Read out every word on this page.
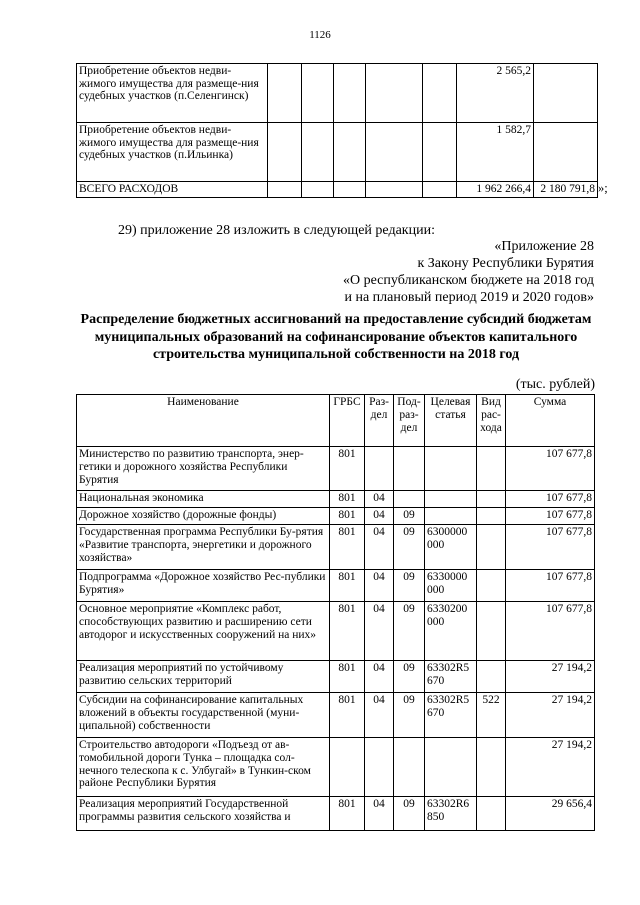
1126
Приобретение объектов недви-жимого имущества для размеще-ния судебных участков (п.Селенгинск)						2 565,2	
Приобретение объектов недви-жимого имущества для размеще-ния судебных участков (п.Ильинка)						1 582,7	
ВСЕГО РАСХОДОВ						1 962 266,4	2 180 791,8 »;
29) приложение 28 изложить в следующей редакции:
«Приложение 28
к Закону Республики Бурятия
«О республиканском бюджете на 2018 год
и на плановый период 2019 и 2020 годов»
Распределение бюджетных ассигнований на предоставление субсидий бюджетам муниципальных образований на софинансирование объектов капитального строительства муниципальной собственности на 2018 год
(тыс. рублей)
Наименование	ГРБС	Раз-дел	Под-раз-дел	Целевая статья	Вид рас-хода	Сумма
Министерство по развитию транспорта, энер-гетики и дорожного хозяйства Республики Бурятия	801					107 677,8
Национальная экономика	801	04				107 677,8
Дорожное хозяйство (дорожные фонды)	801	04	09			107 677,8
Государственная программа Республики Бу-рятия «Развитие транспорта, энергетики и дорожного хозяйства»	801	04	09	6300000 000		107 677,8
Подпрограмма «Дорожное хозяйство Рес-публики Бурятия»	801	04	09	6330000 000		107 677,8
Основное мероприятие «Комплекс работ, способствующих развитию и расширению сети автодорог и искусственных сооружений на них»	801	04	09	6330200 000		107 677,8
Реализация мероприятий по устойчивому развитию сельских территорий	801	04	09	63302R5 670		27 194,2
Субсидии на софинансирование капитальных вложений в объекты государственной (муни-ципальной) собственности	801	04	09	63302R5 670	522	27 194,2
Строительство автодороги «Подъезд от ав-томобильной дороги Тунка – площадка сол-нечного телескопа к с. Улбугай» в Тункин-ском районе Республики Бурятия						27 194,2
Реализация мероприятий Государственной программы развития сельского хозяйства и	801	04	09	63302R6 850		29 656,4
